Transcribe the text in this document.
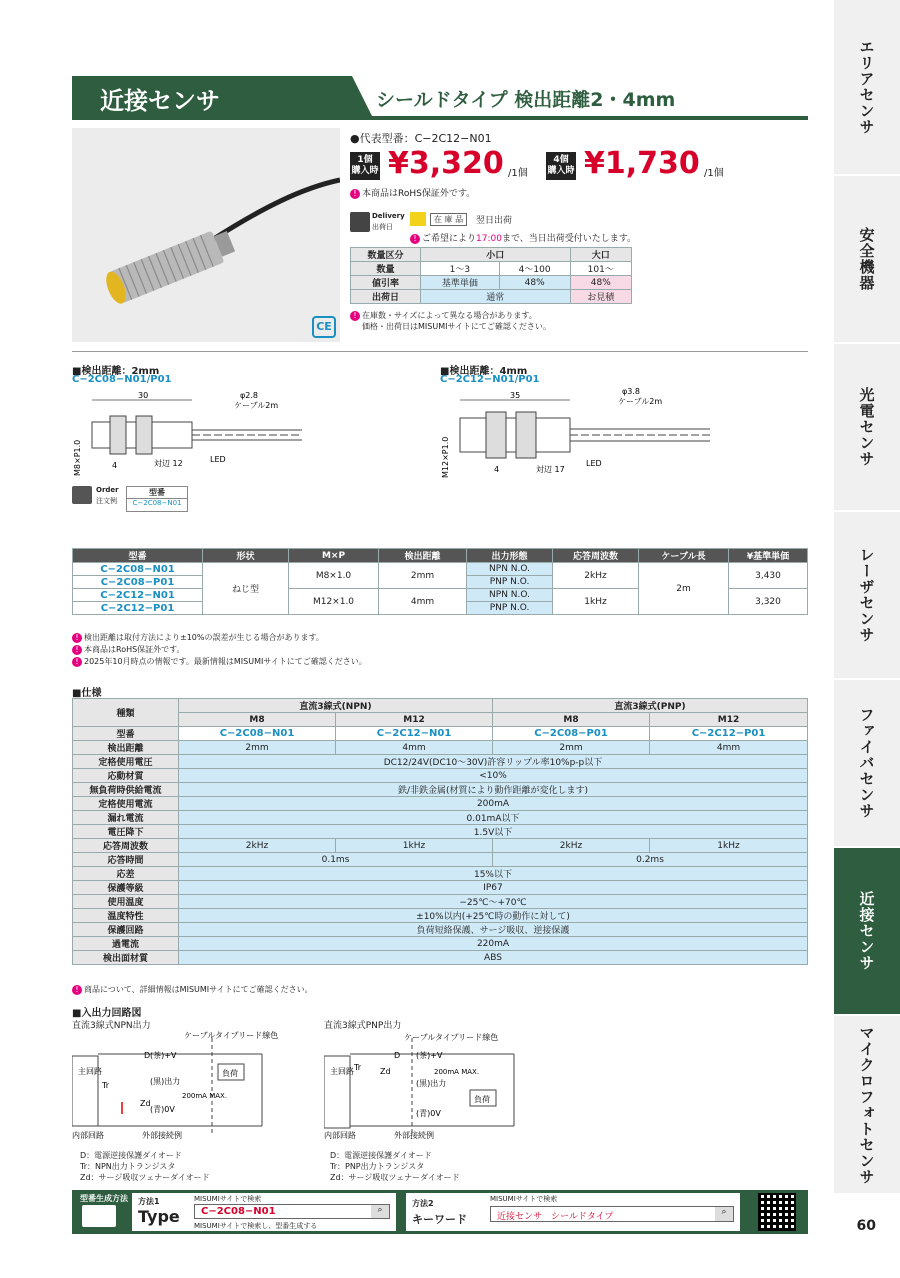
エリアセンサ
安全機器
光電センサ
レーザセンサ
ファイバセンサ
近接センサ
マイクロフォトセンサ
60
近接センサ	シールドタイプ 検出距離2・4mm
CE
●代表型番：C−2C12−N01
1個
購入時 ¥3,320 /1個
4個
購入時 ¥1,730 /1個
! 本商品はRoHS保証外です。
Delivery
出荷日
在 庫 品	翌日出荷
! ご希望により17:00まで、当日出荷受付いたします。
数量区分	小口		大口
数量	1〜3	4〜100	101〜
値引率	基準単価	48%	48%
出荷日	通常		お見積
! 在庫数・サイズによって異なる場合があります。
価格・出荷日はMISUMIサイトにてご確認ください。
■検出距離：2mm
C−2C08−N01/P01
30	φ2.8
ケーブル2m
M8×P1.0	4	対辺 12	LED
■検出距離：4mm
C−2C12−N01/P01
35	φ3.8
ケーブル2m
M12×P1.0	4	対辺 17
LED
Order
注文例
型番
C−2C08−N01
型番	形状	M×P	検出距離	出力形態	応答周波数	ケーブル長	¥基準単価
C−2C08−N01	ねじ型	M8×1.0	2mm	NPN N.O.	2kHz	2m	3,430
C−2C08−P01				PNP N.O.			
C−2C12−N01		M12×1.0	4mm	NPN N.O.	1kHz		3,320
C−2C12−P01				PNP N.O.			
! 検出距離は取付方法により±10%の誤差が生じる場合があります。
! 本商品はRoHS保証外です。
! 2025年10月時点の情報です。最新情報はMISUMIサイトにてご確認ください。
■仕様
種類	直流3線式(NPN)		直流3線式(PNP)	
	M8	M12	M8	M12
型番	C−2C08−N01	C−2C12−N01	C−2C08−P01	C−2C12−P01
検出距離	2mm	4mm	2mm	4mm
定格使用電圧	DC12/24V(DC10〜30V)許容リップル率10%p-p以下			
応動材質	<10%			
無負荷時供給電流	鉄/非鉄金属(材質により動作距離が変化します)			
定格使用電流	200mA			
漏れ電流	0.01mA以下			
電圧降下	1.5V以下			
応答周波数	2kHz	1kHz	2kHz	1kHz
応答時間	0.1ms		0.2ms	
応差	15%以下			
保護等級	IP67			
使用温度	−25℃〜+70℃			
温度特性	±10%以内(+25℃時の動作に対して)			
保護回路	負荷短絡保護、サージ吸収、逆接保護			
過電流	220mA			
検出面材質	ABS			
! 商品について、詳細情報はMISUMIサイトにてご確認ください。
■入出力回路図
直流3線式NPN出力	直流3線式PNP出力
ケーブルタイプリード線色
主回路
D (茶)+V
(黒)出力
(青)0V
Tr
Zd
200mA MAX.
負荷
内部回路	外部接続例
ケーブルタイプリード線色
主回路
D (茶)+V
(黒)出力
(青)0V
Tr Zd	200mA MAX.
負荷
内部回路	外部接続例
D：電源逆接保護ダイオード
Tr：NPN出力トランジスタ
Zd：サージ吸収ツェナーダイオード
D：電源逆接保護ダイオード
Tr：PNP出力トランジスタ
Zd：サージ吸収ツェナーダイオード
型番生成方法 方法1
Type
MISUMIサイトで検索
C−2C08−N01	⌕
MISUMIサイトで検索し、型番生成する
方法2
キーワード
MISUMIサイトで検索
近接センサ　シールドタイプ	⌕
